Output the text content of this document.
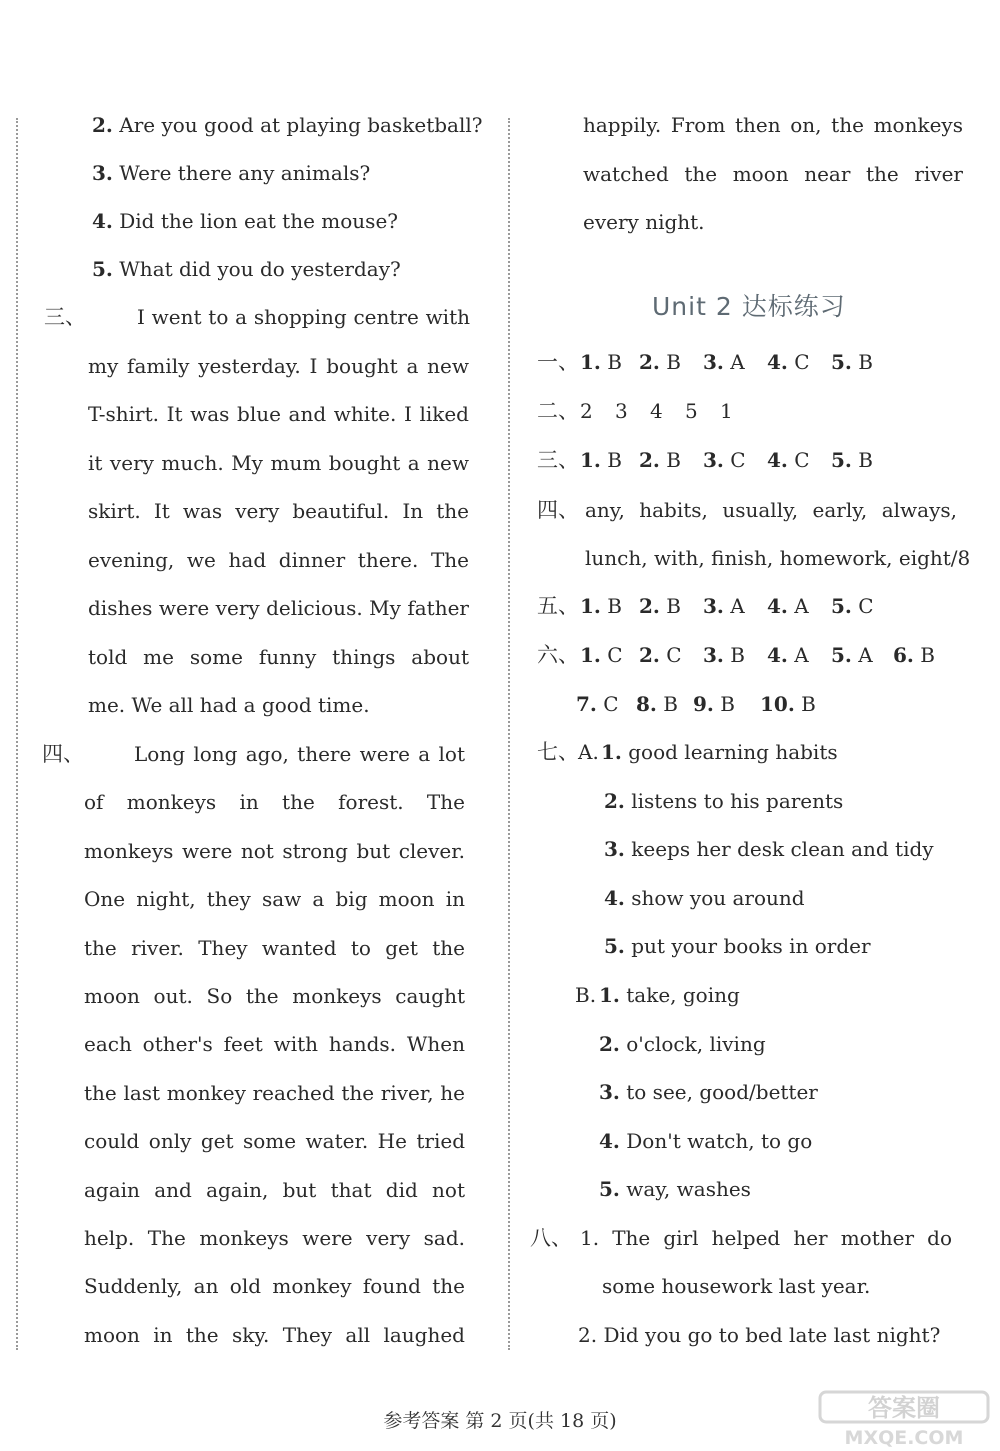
2. Are you good at playing basketball?
3. Were there any animals?
4. Did the lion eat the mouse?
5. What did you do yesterday?
三、	I went to a shopping centre with
my family yesterday. I bought a new
T-shirt. It was blue and white. I liked
it very much. My mum bought a new
skirt. It was very beautiful. In the
evening, we had dinner there. The
dishes were very delicious. My father
told me some funny things about
me. We all had a good time.
四、	Long long ago, there were a lot
of monkeys in the forest. The
monkeys were not strong but clever.
One night, they saw a big moon in
the river. They wanted to get the
moon out. So the monkeys caught
each other's feet with hands. When
the last monkey reached the river, he
could only get some water. He tried
again and again, but that did not
help. The monkeys were very sad.
Suddenly, an old monkey found the
moon in the sky. They all laughed
happily. From then on, the monkeys
watched the moon near the river
every night.
Unit 2 达标练习
一、 1. B 2. B 3. A 4. C 5. B
二、 2 3 4 5 1
三、 1. B 2. B 3. C 4. C 5. B
四、 any, habits, usually, early, always,
lunch, with, finish, homework, eight/8
五、 1. B 2. B 3. A 4. A 5. C
六、 1. C 2. C 3. B 4. A 5. A 6. B
7. C 8. B 9. B 10. B
七、 A. 1. good learning habits
2. listens to his parents
3. keeps her desk clean and tidy
4. show you around
5. put your books in order
B. 1. take, going
2. o'clock, living
3. to see, good/better
4. Don't watch, to go
5. way, washes
八、 1. The girl helped her mother do
some housework last year.
2. Did you go to bed late last night?
参考答案 第 2 页(共 18 页)	答案圈
MXQE.COM
